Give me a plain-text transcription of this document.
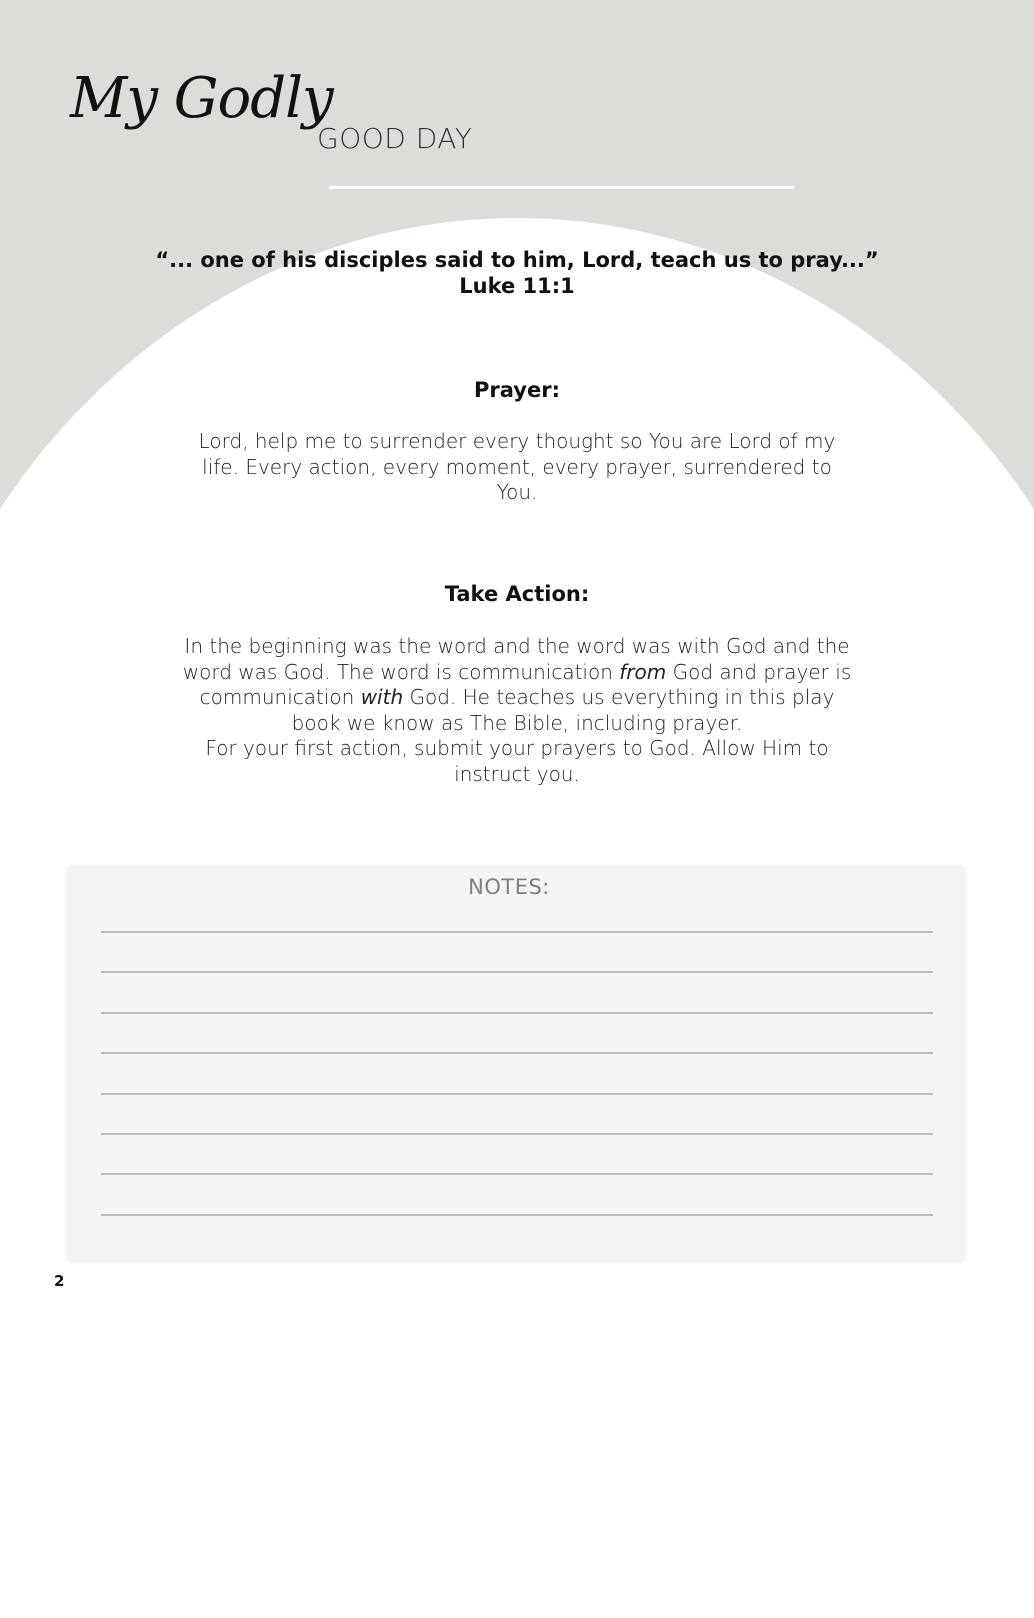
My Godly
GOOD DAY
“... one of his disciples said to him, Lord, teach us to pray...”
Luke 11:1
Prayer:
Lord, help me to surrender every thought so You are Lord of my life. Every action, every moment, every prayer, surrendered to You.
Take Action:
In the beginning was the word and the word was with God and the word was God. The word is communication from God and prayer is communication with God. He teaches us everything in this play book we know as The Bible, including prayer.
For your first action, submit your prayers to God. Allow Him to instruct you.
NOTES:
2
